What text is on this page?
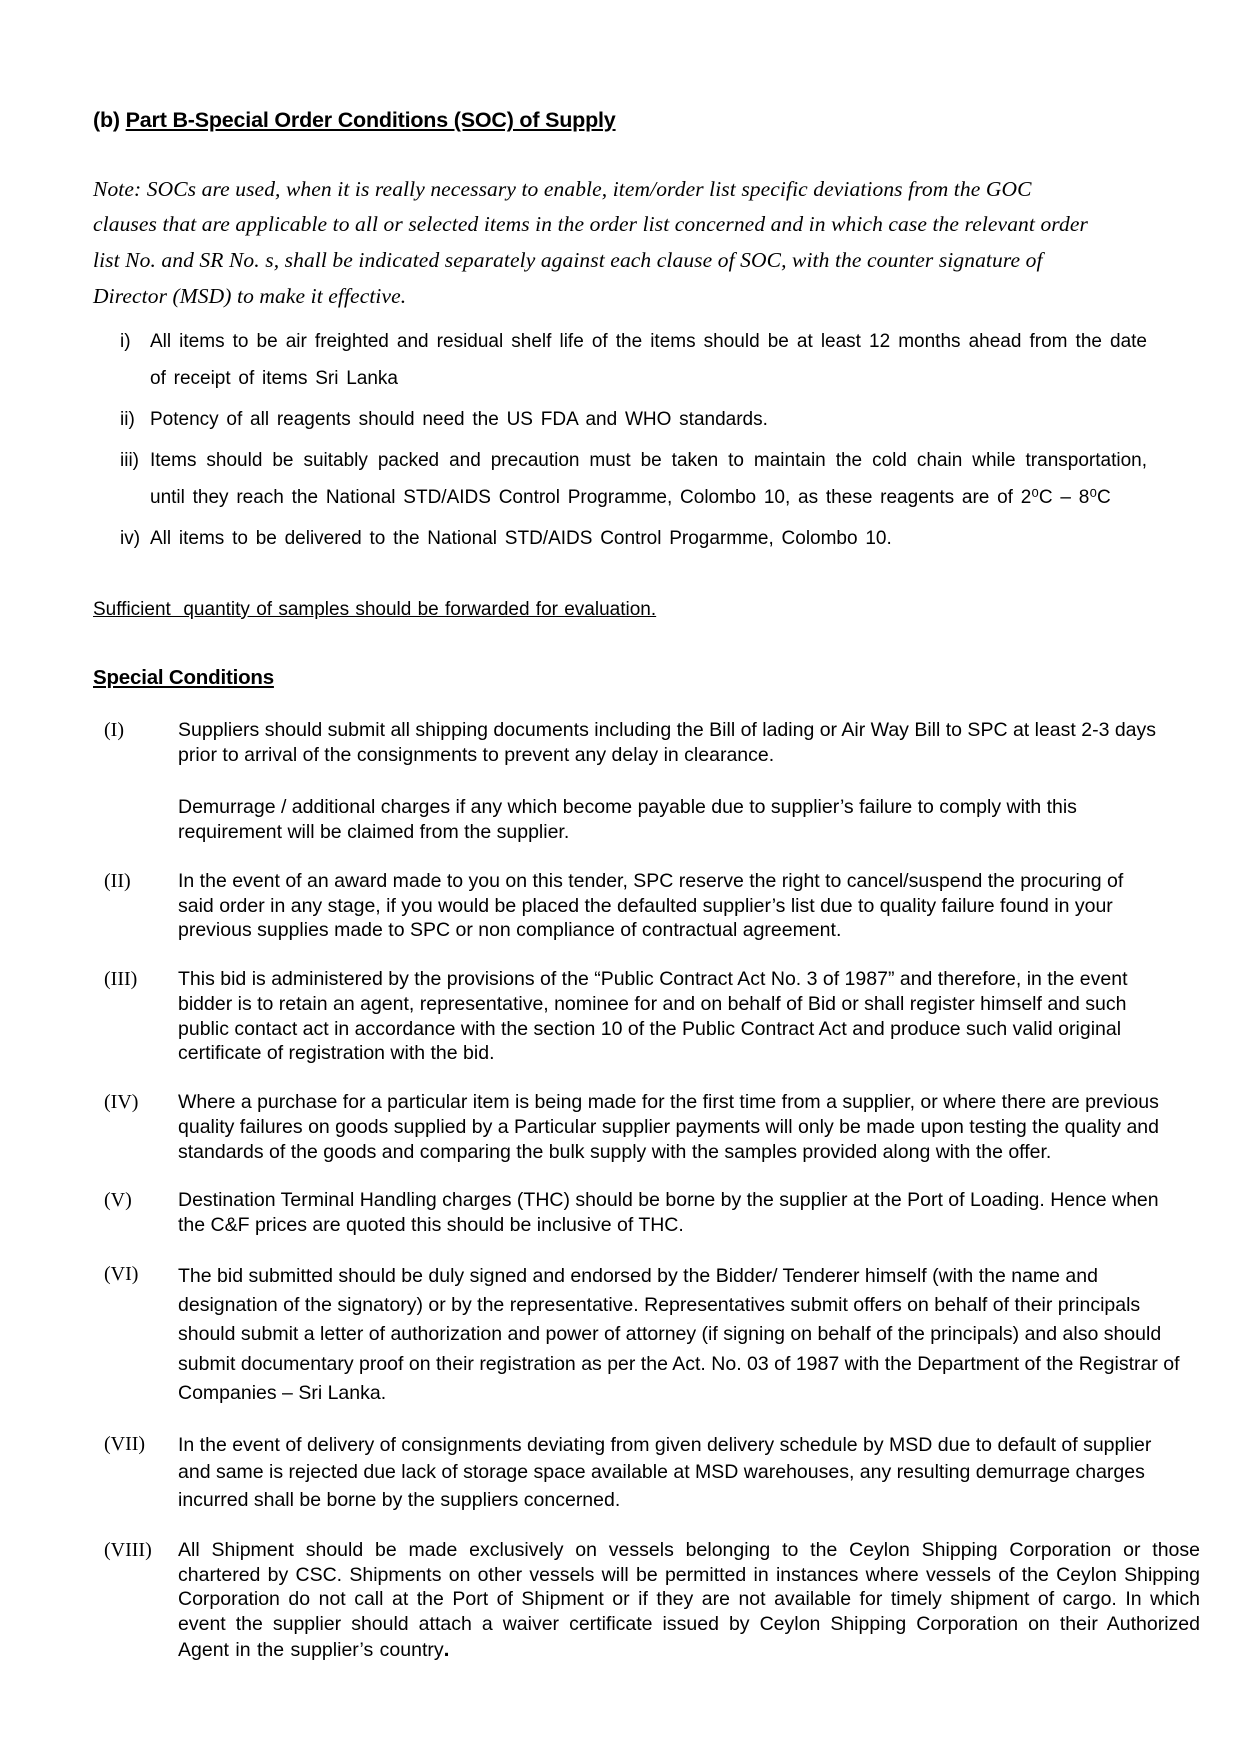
(b) Part B-Special Order Conditions (SOC) of Supply

Note: SOCs are used, when it is really necessary to enable, item/order list specific deviations from the GOC clauses that are applicable to all or selected items in the order list concerned and in which case the relevant order list No. and SR No. s, shall be indicated separately against each clause of SOC, with the counter signature of Director (MSD) to make it effective.

i)	All items to be air freighted and residual shelf life of the items should be at least 12 months ahead from the date of receipt of items Sri Lanka
ii) Potency of all reagents should need the US FDA and WHO standards.
iii) Items should be suitably packed and precaution must be taken to maintain the cold chain while transportation, until they reach the National STD/AIDS Control Programme, Colombo 10, as these reagents are of 2⁰C – 8⁰C
iv) All items to be delivered to the National STD/AIDS Control Progarmme, Colombo 10.

Sufficient  quantity of samples should be forwarded for evaluation.

Special Conditions
(I)	Suppliers should submit all shipping documents including the Bill of lading or Air Way Bill to SPC at least 2-3 days prior to arrival of the consignments to prevent any delay in clearance.

Demurrage / additional charges if any which become payable due to supplier’s failure to comply with this requirement will be claimed from the supplier.

(II)	In the event of an award made to you on this tender, SPC reserve the right to cancel/suspend the procuring of said order in any stage, if you would be placed the defaulted supplier’s list due to quality failure found in your previous supplies made to SPC or non compliance of contractual agreement.

(III)	This bid is administered by the provisions of the “Public Contract Act No. 3 of 1987” and therefore, in the event bidder is to retain an agent, representative, nominee for and on behalf of Bid or shall register himself and such public contact act in accordance with the section 10 of the Public Contract Act and produce such valid original certificate of registration with the bid.

(IV)	Where a purchase for a particular item is being made for the first time from a supplier, or where there are previous quality failures on goods supplied by a Particular supplier payments will only be made upon testing the quality and standards of the goods and comparing the bulk supply with the samples provided along with the offer.

(V)	Destination Terminal Handling charges (THC) should be borne by the supplier at the Port of Loading. Hence when the C&F prices are quoted this should be inclusive of THC.

(VI)	The bid submitted should be duly signed and endorsed by the Bidder/ Tenderer himself (with the name and designation of the signatory) or by the representative. Representatives submit offers on behalf of their principals should submit a letter of authorization and power of attorney (if signing on behalf of the principals) and also should submit documentary proof on their registration as per the Act. No. 03 of 1987 with the Department of the Registrar of Companies – Sri Lanka.

(VII)	In the event of delivery of consignments deviating from given delivery schedule by MSD due to default of supplier and same is rejected due lack of storage space available at MSD warehouses, any resulting demurrage charges incurred shall be borne by the suppliers concerned.

(VIII)	All Shipment should be made exclusively on vessels belonging to the Ceylon Shipping Corporation or those chartered by CSC. Shipments on other vessels will be permitted in instances where vessels of the Ceylon Shipping Corporation do not call at the Port of Shipment or if they are not available for timely shipment of cargo. In which event the supplier should attach a waiver certificate issued by Ceylon Shipping Corporation on their Authorized Agent in the supplier’s country.
